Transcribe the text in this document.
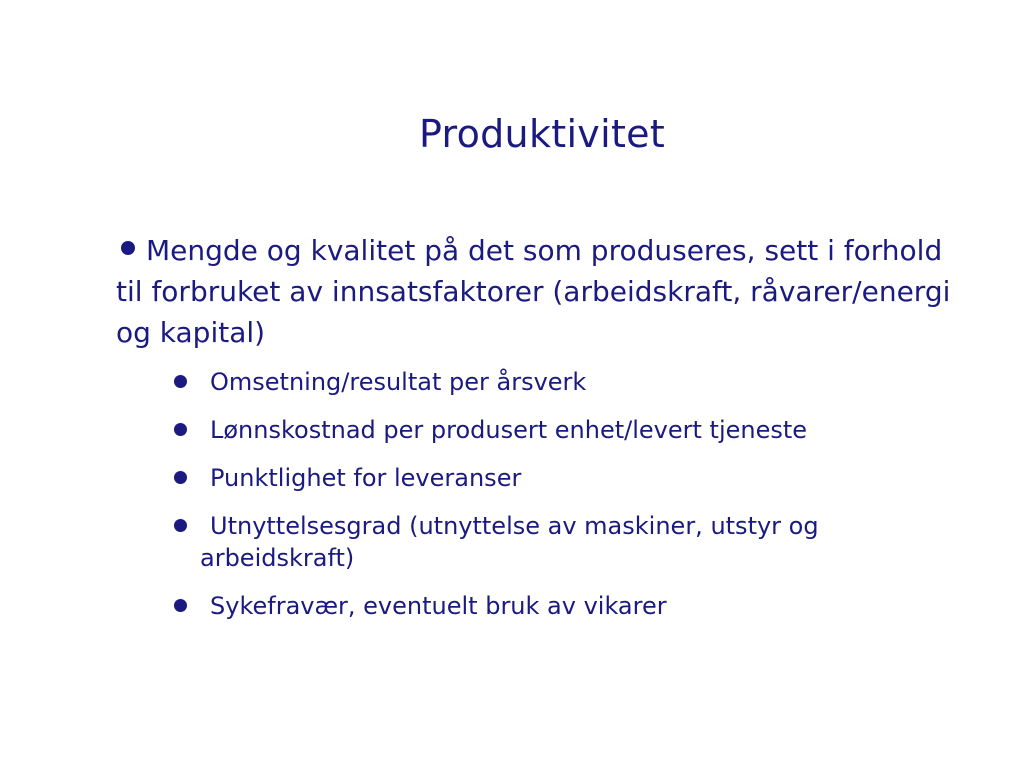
Produktivitet
Mengde og kvalitet på det som produseres, sett i forhold til forbruket av innsatsfaktorer (arbeidskraft, råvarer/energi og kapital)
Omsetning/resultat per årsverk
Lønnskostnad per produsert enhet/levert tjeneste
Punktlighet for leveranser
Utnyttelsesgrad (utnyttelse av maskiner, utstyr og
arbeidskraft)
Sykefravær, eventuelt bruk av vikarer
